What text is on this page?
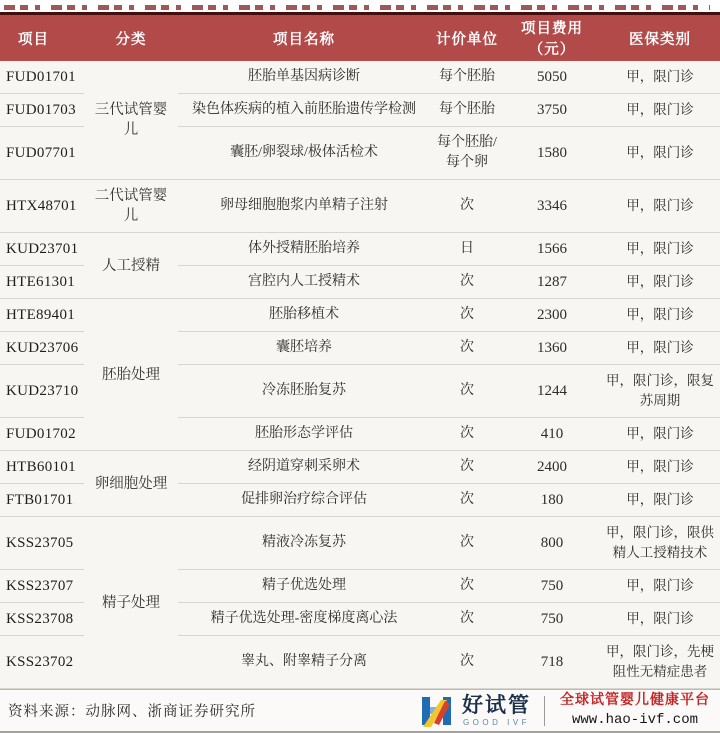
项目	分类	项目名称	计价单位	项目费用（元）	医保类别
FUD01701	三代试管婴儿	胚胎单基因病诊断	每个胚胎	5050	甲，限门诊
FUD01703		染色体疾病的植入前胚胎遗传学检测	每个胚胎	3750	甲，限门诊
FUD07701		囊胚/卵裂球/极体活检术	每个胚胎/每个卵	1580	甲，限门诊
HTX48701	二代试管婴儿	卵母细胞胞浆内单精子注射	次	3346	甲，限门诊
KUD23701	人工授精	体外授精胚胎培养	日	1566	甲，限门诊
HTE61301		宫腔内人工授精术	次	1287	甲，限门诊
HTE89401	胚胎处理	胚胎移植术	次	2300	甲，限门诊
KUD23706		囊胚培养	次	1360	甲，限门诊
KUD23710		冷冻胚胎复苏	次	1244	甲，限门诊，限复苏周期
FUD01702		胚胎形态学评估	次	410	甲，限门诊
HTB60101	卵细胞处理	经阴道穿刺采卵术	次	2400	甲，限门诊
FTB01701		促排卵治疗综合评估	次	180	甲，限门诊
KSS23705	精子处理	精液冷冻复苏	次	800	甲，限门诊，限供精人工授精技术
KSS23707		精子优选处理	次	750	甲，限门诊
KSS23708		精子优选处理-密度梯度离心法	次	750	甲，限门诊
KSS23702		睾丸、附睾精子分离	次	718	甲，限门诊，先梗阻性无精症患者
资料来源：动脉网、浙商证券研究所	好试管
GOOD IVF
全球试管婴儿健康平台
www.hao-ivf.com
